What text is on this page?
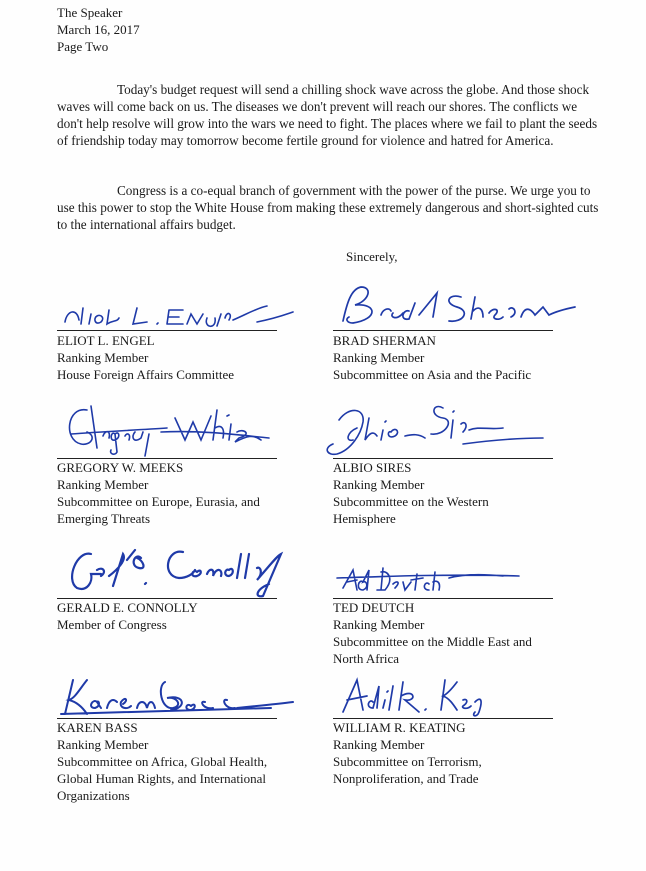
The Speaker
March 16, 2017
Page Two

Today's budget request will send a chilling shock wave across the globe. And those shock waves will come back on us. The diseases we don't prevent will reach our shores. The conflicts we don't help resolve will grow into the wars we need to fight. The places where we fail to plant the seeds of friendship today may tomorrow become fertile ground for violence and hatred for America.

Congress is a co-equal branch of government with the power of the purse. We urge you to use this power to stop the White House from making these extremely dangerous and short-sighted cuts to the international affairs budget.

Sincerely,
ELIOT L. ENGEL
Ranking Member
House Foreign Affairs Committee
BRAD SHERMAN
Ranking Member
Subcommittee on Asia and the Pacific
GREGORY W. MEEKS
Ranking Member
Subcommittee on Europe, Eurasia, and
Emerging Threats
ALBIO SIRES
Ranking Member
Subcommittee on the Western
Hemisphere
GERALD E. CONNOLLY
Member of Congress
TED DEUTCH
Ranking Member
Subcommittee on the Middle East and
North Africa
KAREN BASS
Ranking Member
Subcommittee on Africa, Global Health,
Global Human Rights, and International
Organizations
WILLIAM R. KEATING
Ranking Member
Subcommittee on Terrorism,
Nonproliferation, and Trade
